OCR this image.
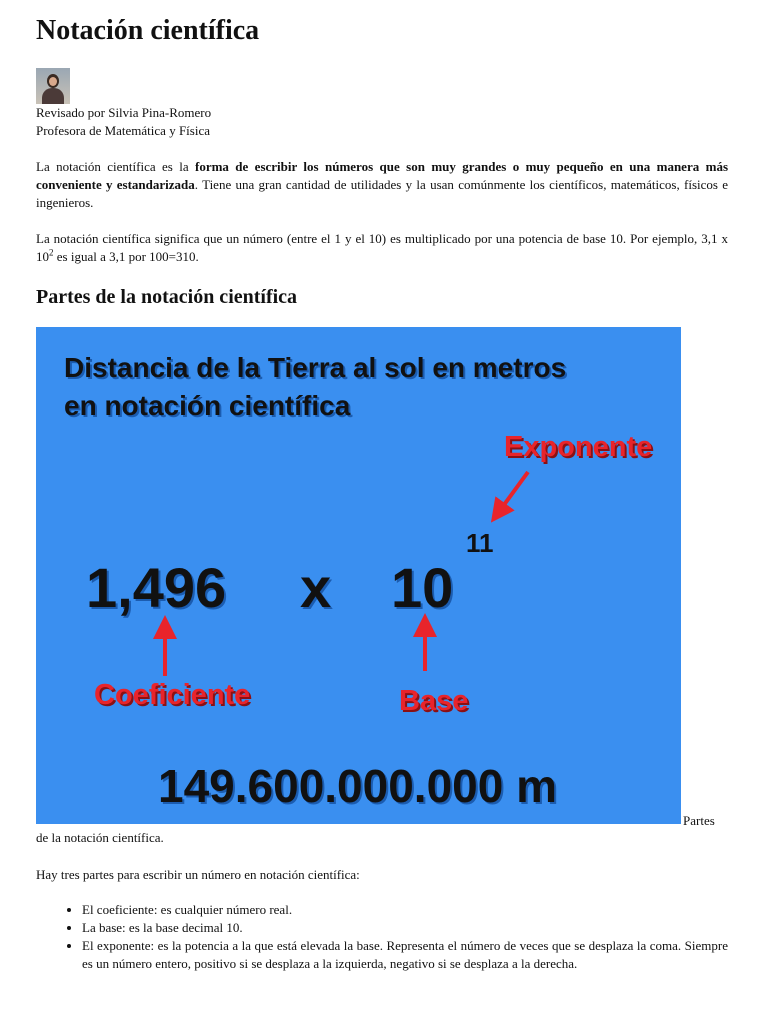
Notación científica
Revisado por Silvia Pina-Romero
Profesora de Matemática y Física
La notación científica es la forma de escribir los números que son muy grandes o muy pequeño en una manera más conveniente y estandarizada. Tiene una gran cantidad de utilidades y la usan comúnmente los científicos, matemáticos, físicos e ingenieros.
La notación científica significa que un número (entre el 1 y el 10) es multiplicado por una potencia de base 10. Por ejemplo, 3,1 x $10^2$ es igual a 3,1 por 100=310.
Partes de la notación científica
Distancia de la Tierra al sol en metros
en notación científica
Exponente
11
1,496 x 10
Coeficiente	Base
149.600.000.000 m
Partes
de la notación científica.
Hay tres partes para escribir un número en notación científica:
• El coeficiente: es cualquier número real.
• La base: es la base decimal 10.
• El exponente: es la potencia a la que está elevada la base. Representa el número de veces que se desplaza la coma. Siempre es un número entero, positivo si se desplaza a la izquierda, negativo si se desplaza a la derecha.
